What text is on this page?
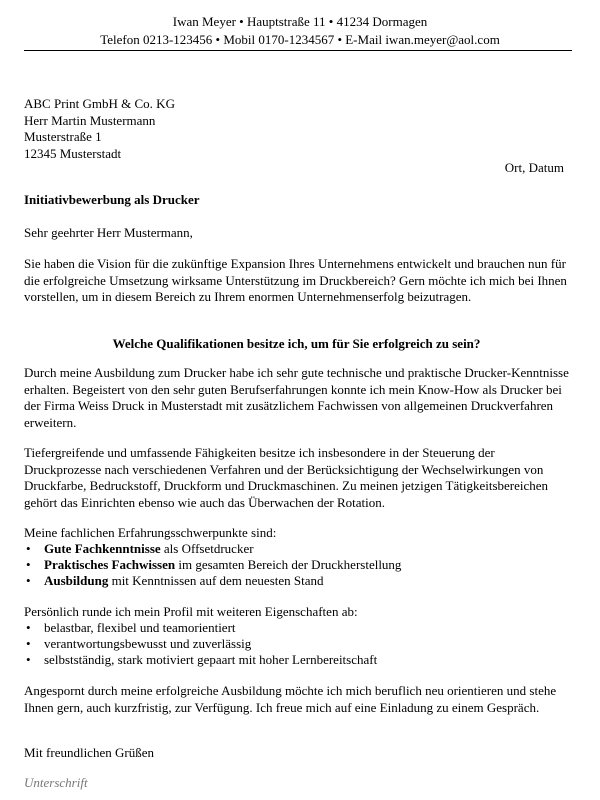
Iwan Meyer • Hauptstraße 11 • 41234 Dormagen
Telefon 0213-123456 • Mobil 0170-1234567 • E-Mail iwan.meyer@aol.com
ABC Print GmbH & Co. KG
Herr Martin Mustermann
Musterstraße 1
12345 Musterstadt
Ort, Datum
Initiativbewerbung als Drucker
Sehr geehrter Herr Mustermann,
Sie haben die Vision für die zukünftige Expansion Ihres Unternehmens entwickelt und brauchen nun für die erfolgreiche Umsetzung wirksame Unterstützung im Druckbereich? Gern möchte ich mich bei Ihnen vorstellen, um in diesem Bereich zu Ihrem enormen Unternehmenserfolg beizutragen.
Welche Qualifikationen besitze ich, um für Sie erfolgreich zu sein?
Durch meine Ausbildung zum Drucker habe ich sehr gute technische und praktische Drucker-Kenntnisse erhalten. Begeistert von den sehr guten Berufserfahrungen konnte ich mein Know-How als Drucker bei der Firma Weiss Druck in Musterstadt mit zusätzlichem Fachwissen von allgemeinen Druckverfahren erweitern.
Tiefergreifende und umfassende Fähigkeiten besitze ich insbesondere in der Steuerung der Druckprozesse nach verschiedenen Verfahren und der Berücksichtigung der Wechselwirkungen von Druckfarbe, Bedruckstoff, Druckform und Druckmaschinen. Zu meinen jetzigen Tätigkeitsbereichen gehört das Einrichten ebenso wie auch das Überwachen der Rotation.
Meine fachlichen Erfahrungsschwerpunkte sind:
• Gute Fachkenntnisse als Offsetdrucker
• Praktisches Fachwissen im gesamten Bereich der Druckherstellung
• Ausbildung mit Kenntnissen auf dem neuesten Stand
Persönlich runde ich mein Profil mit weiteren Eigenschaften ab:
• belastbar, flexibel und teamorientiert
• verantwortungsbewusst und zuverlässig
• selbstständig, stark motiviert gepaart mit hoher Lernbereitschaft
Angespornt durch meine erfolgreiche Ausbildung möchte ich mich beruflich neu orientieren und stehe Ihnen gern, auch kurzfristig, zur Verfügung. Ich freue mich auf eine Einladung zu einem Gespräch.
Mit freundlichen Grüßen
Unterschrift
